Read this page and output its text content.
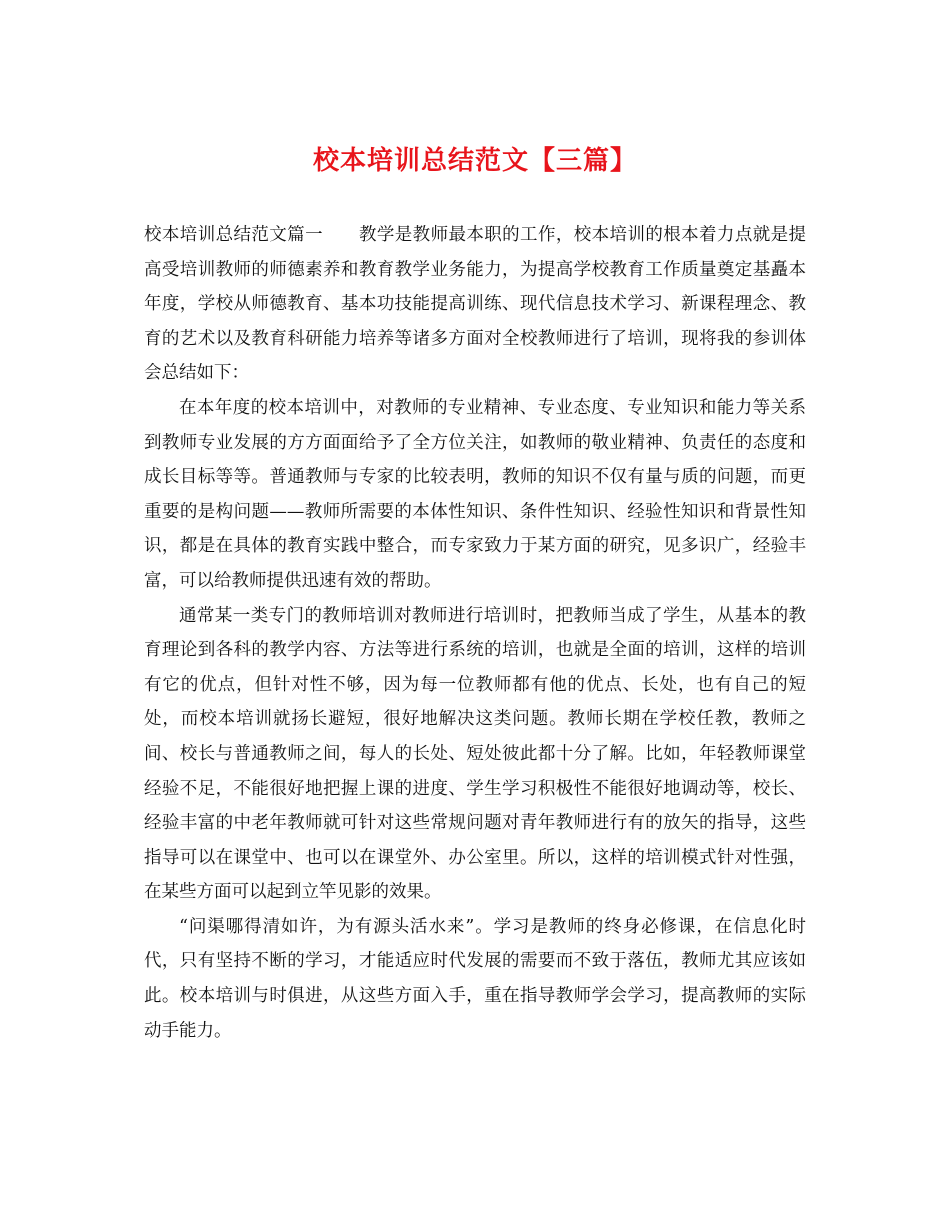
校本培训总结范文【三篇】

校本培训总结范文篇一 教学是教师最本职的工作，校本培训的根本着力点就是提高受培训教师的师德素养和教育教学业务能力，为提高学校教育工作质量奠定基矗本年度，学校从师德教育、基本功技能提高训练、现代信息技术学习、新课程理念、教育的艺术以及教育科研能力培养等诸多方面对全校教师进行了培训，现将我的参训体会总结如下：

在本年度的校本培训中，对教师的专业精神、专业态度、专业知识和能力等关系到教师专业发展的方方面面给予了全方位关注，如教师的敬业精神、负责任的态度和成长目标等等。普通教师与专家的比较表明，教师的知识不仅有量与质的问题，而更重要的是构问题——教师所需要的本体性知识、条件性知识、经验性知识和背景性知识，都是在具体的教育实践中整合，而专家致力于某方面的研究，见多识广，经验丰富，可以给教师提供迅速有效的帮助。

通常某一类专门的教师培训对教师进行培训时，把教师当成了学生，从基本的教育理论到各科的教学内容、方法等进行系统的培训，也就是全面的培训，这样的培训有它的优点，但针对性不够，因为每一位教师都有他的优点、长处，也有自己的短处，而校本培训就扬长避短，很好地解决这类问题。教师长期在学校任教，教师之间、校长与普通教师之间，每人的长处、短处彼此都十分了解。比如，年轻教师课堂经验不足，不能很好地把握上课的进度、学生学习积极性不能很好地调动等，校长、经验丰富的中老年教师就可针对这些常规问题对青年教师进行有的放矢的指导，这些指导可以在课堂中、也可以在课堂外、办公室里。所以，这样的培训模式针对性强，在某些方面可以起到立竿见影的效果。

“问渠哪得清如许，为有源头活水来”。学习是教师的终身必修课，在信息化时代，只有坚持不断的学习，才能适应时代发展的需要而不致于落伍，教师尤其应该如此。校本培训与时俱进，从这些方面入手，重在指导教师学会学习，提高教师的实际动手能力。
